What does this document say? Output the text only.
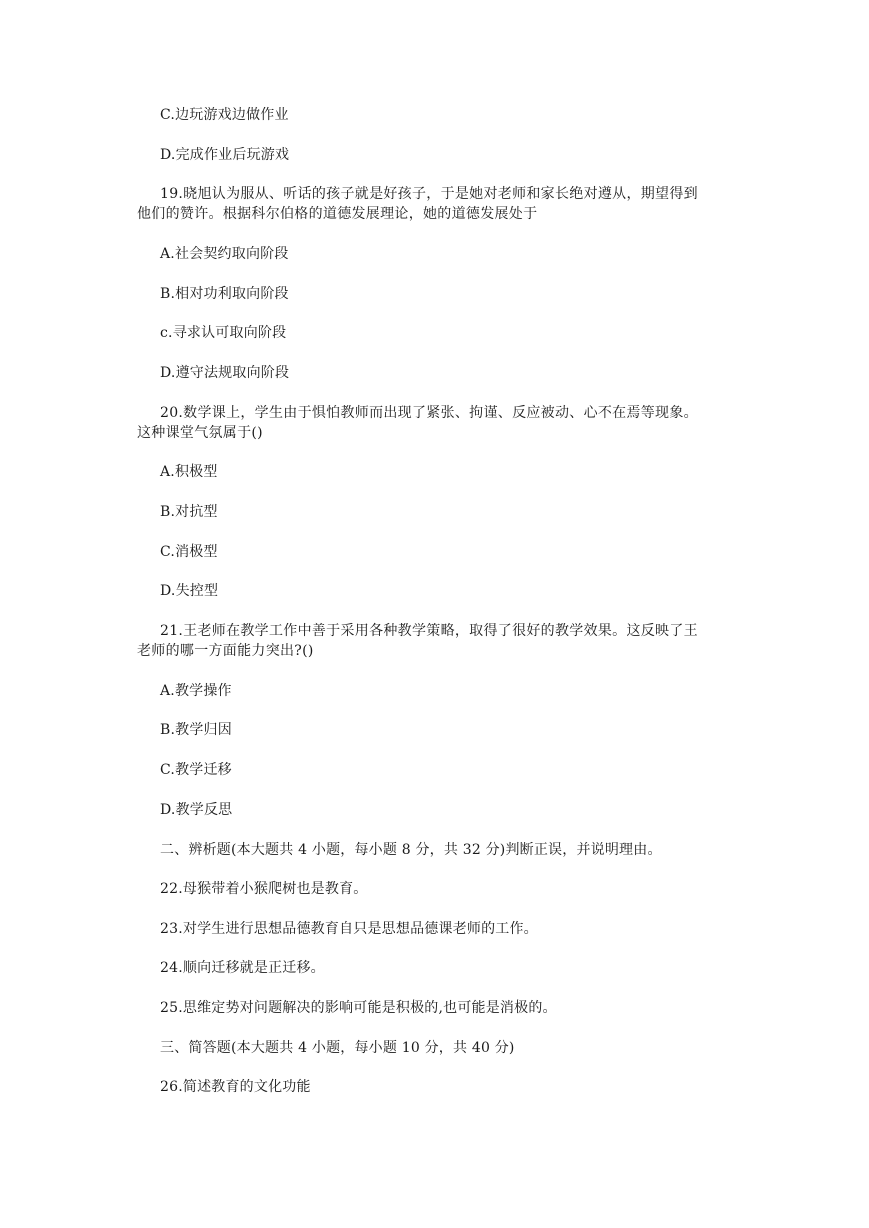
C.边玩游戏边做作业
D.完成作业后玩游戏
19.晓旭认为服从、听话的孩子就是好孩子，于是她对老师和家长绝对遵从，期望得到
他们的赞许。根据科尔伯格的道德发展理论，她的道德发展处于
A.社会契约取向阶段
B.相对功利取向阶段
c.寻求认可取向阶段
D.遵守法规取向阶段
20.数学课上，学生由于惧怕教师而出现了紧张、拘谨、反应被动、心不在焉等现象。
这种课堂气氛属于()
A.积极型
B.对抗型
C.消极型
D.失控型
21.王老师在教学工作中善于采用各种教学策略，取得了很好的教学效果。这反映了王
老师的哪一方面能力突出?()
A.教学操作
B.教学归因
C.教学迁移
D.教学反思
二、辨析题(本大题共 4 小题，每小题 8 分，共 32 分)判断正误，并说明理由。
22.母猴带着小猴爬树也是教育。
23.对学生进行思想品德教育自只是思想品德课老师的工作。
24.顺向迁移就是正迁移。
25.思维定势对问题解决的影响可能是积极的,也可能是消极的。
三、简答题(本大题共 4 小题，每小题 10 分，共 40 分)
26.简述教育的文化功能
